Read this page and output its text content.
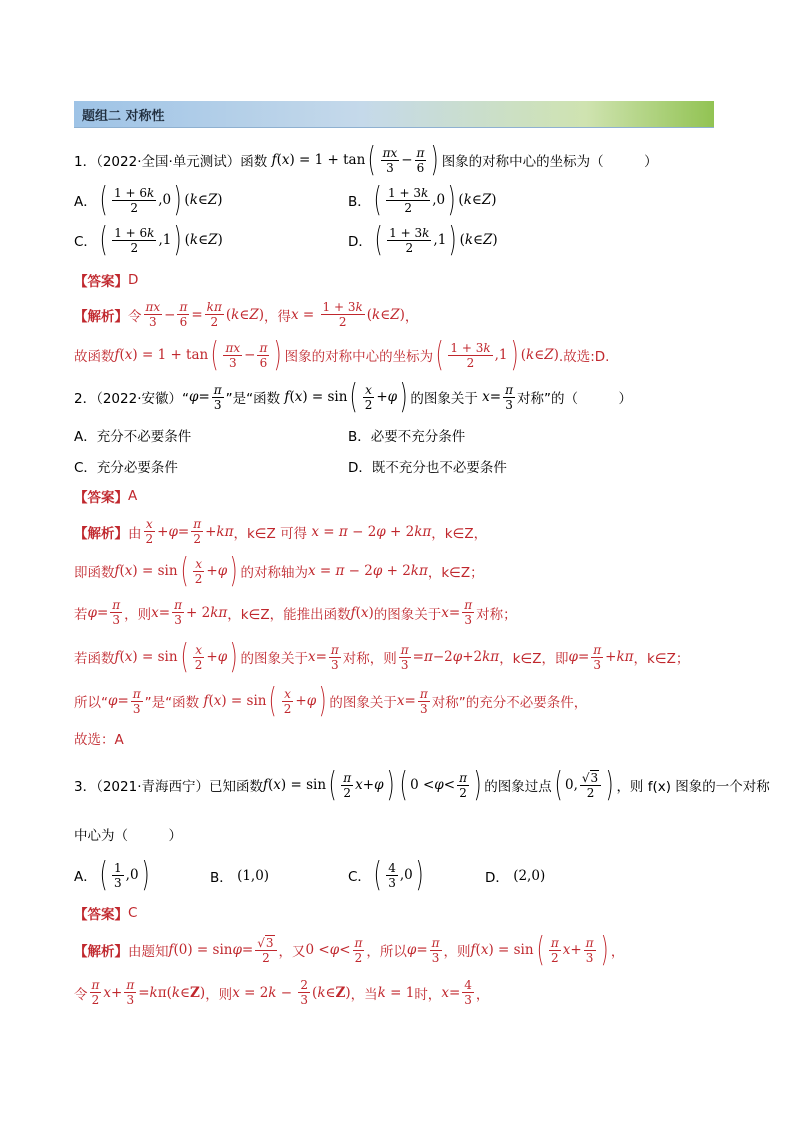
题组二 对称性
1．（2022·全国·单元测试）函数 f ( x ) = 1 + tan ( $\frac{\pi x}{3} - \frac{\pi}{6}$ ) 图象的对称中心的坐标为（　　　）
A． ( $\frac{1 + 6k}{2} ,0$ ) ( k ∈ Z )	B． ( $\frac{1 + 3k}{2} ,0$ ) ( k ∈ Z )
C． ( $\frac{1 + 6k}{2} ,1$ ) ( k ∈ Z )	D． ( $\frac{1 + 3k}{2} ,1$ ) ( k ∈ Z )
【答案】 D
【解析】 令 $\frac{\pi x}{3} - \frac{\pi}{6} = \frac{k\pi}{2}$ ( k ∈ Z ) ，得 $x = \frac{1 + 3k}{2}$ ( k ∈ Z ) ，
故函数 f ( x ) = 1 + tan ( $\frac{\pi x}{3} - \frac{\pi}{6}$ ) 图象的对称中心的坐标为 ( $\frac{1 + 3k}{2} ,1$ ) ( k ∈ Z ) .故选:D.
2．（2022·安徽）“ $\varphi = \frac{\pi}{3}$ ”是“函数 f ( x ) = sin ( $\frac{x}{2} + \varphi$ ) 的图象关于 $x = \frac{\pi}{3}$ 对称”的（　　　）
A．充分不必要条件	B．必要不充分条件
C．充分必要条件	D．既不充分也不必要条件
【答案】 A
【解析】 由 $\frac{x}{2} + \varphi = \frac{\pi}{2} + k\pi$ ，k∈Z 可得 x = π − 2 φ + 2 kπ ，k∈Z，
即函数 f ( x ) = sin ( $\frac{x}{2} + \varphi$ ) 的对称轴为 x = π − 2 φ + 2 kπ ，k∈Z；
若 $\varphi = \frac{\pi}{3}$ ，则 $x = \frac{\pi}{3} + 2$ kπ ，k∈Z，能推出函数 f ( x ) 的图象关于 $x = \frac{\pi}{3}$ 对称；
若函数 f ( x ) = sin ( $\frac{x}{2} + \varphi$ ) 的图象关于 $x = \frac{\pi}{3}$ 对称，则 $\frac{\pi}{3} = \pi -2$ φ +2 kπ ，k∈Z，即 $\varphi = \frac{\pi}{3} + k\pi$ ，k∈Z；
所以“ $\varphi = \frac{\pi}{3}$ ”是“函数 f ( x ) = sin ( $\frac{x}{2} + \varphi$ ) 的图象关于 $x = \frac{\pi}{3}$ 对称”的充分不必要条件，
故选：A
3．（2021·青海西宁）已知函数 f ( x ) = sin ( $\frac{\pi}{2}$ x + φ ) ( $0 < \varphi < \frac{\pi}{2}$ ) 的图象过点 ( 0, $\frac{√3}{2}$ ) ，则 f(x) 图象的一个对称
中心为（　　　）
A． ( $\frac{1}{3} ,0$ )	B．
(1,0)	C． ( $\frac{4}{3} ,0$ )	D．
(2,0)
【答案】 C
【解析】 由题知 f $(0) = \sin \varphi = \frac{√3}{2}$ ，又 $0 < \varphi < \frac{\pi}{2}$ ，所以 $\varphi = \frac{\pi}{3}$ ，则 f ( x ) = sin ( $\frac{\pi}{2}$ $x + \frac{\pi}{3}$ ) ，
令 $\frac{\pi}{2}$ $x + \frac{\pi}{3} = k$ π( k ∈ Z ) ，则 x = 2 $k - \frac{2}{3}$ ( k ∈ Z ) ，当 k = 1 时， $x = \frac{4}{3}$ ，
